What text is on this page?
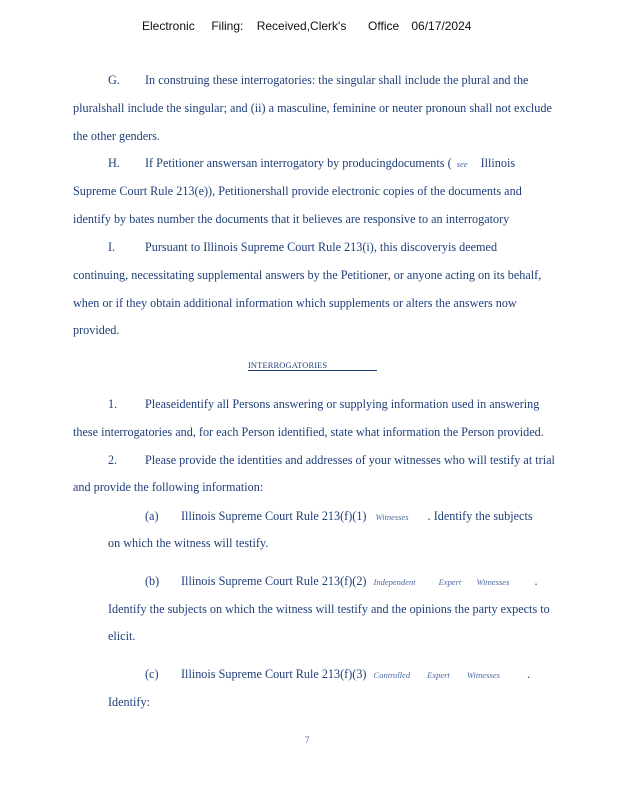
Electronic Filing: Received,Clerk's Office 06/17/2024
G. In construing these interrogatories: the singular shall include the plural and the
pluralshall include the singular; and (ii) a masculine, feminine or neuter pronoun shall not exclude
the other genders.
H. If Petitioner answersan interrogatory by producingdocuments ( see Illinois
Supreme Court Rule 213(e)), Petitionershall provide electronic copies of the documents and
identify by bates number the documents that it believes are responsive to an interrogatory
I. Pursuant to Illinois Supreme Court Rule 213(i), this discoveryis deemed
continuing, necessitating supplemental answers by the Petitioner, or anyone acting on its behalf,
when or if they obtain additional information which supplements or alters the answers now
provided.
INTERROGATORIES
1. Pleaseidentify all Persons answering or supplying information used in answering
these interrogatories and, for each Person identified, state what information the Person provided.
2. Please provide the identities and addresses of your witnesses who will testify at trial
and provide the following information:
(a) Illinois Supreme Court Rule 213(f)(1) Witnesses . Identify the subjects
on which the witness will testify.
(b) Illinois Supreme Court Rule 213(f)(2) Independent	Expert Witnesses .
Identify the subjects on which the witness will testify and the opinions the party expects to
elicit.
(c) Illinois Supreme Court Rule 213(f)(3) Controlled Expert Witnesses .
Identify:
7
